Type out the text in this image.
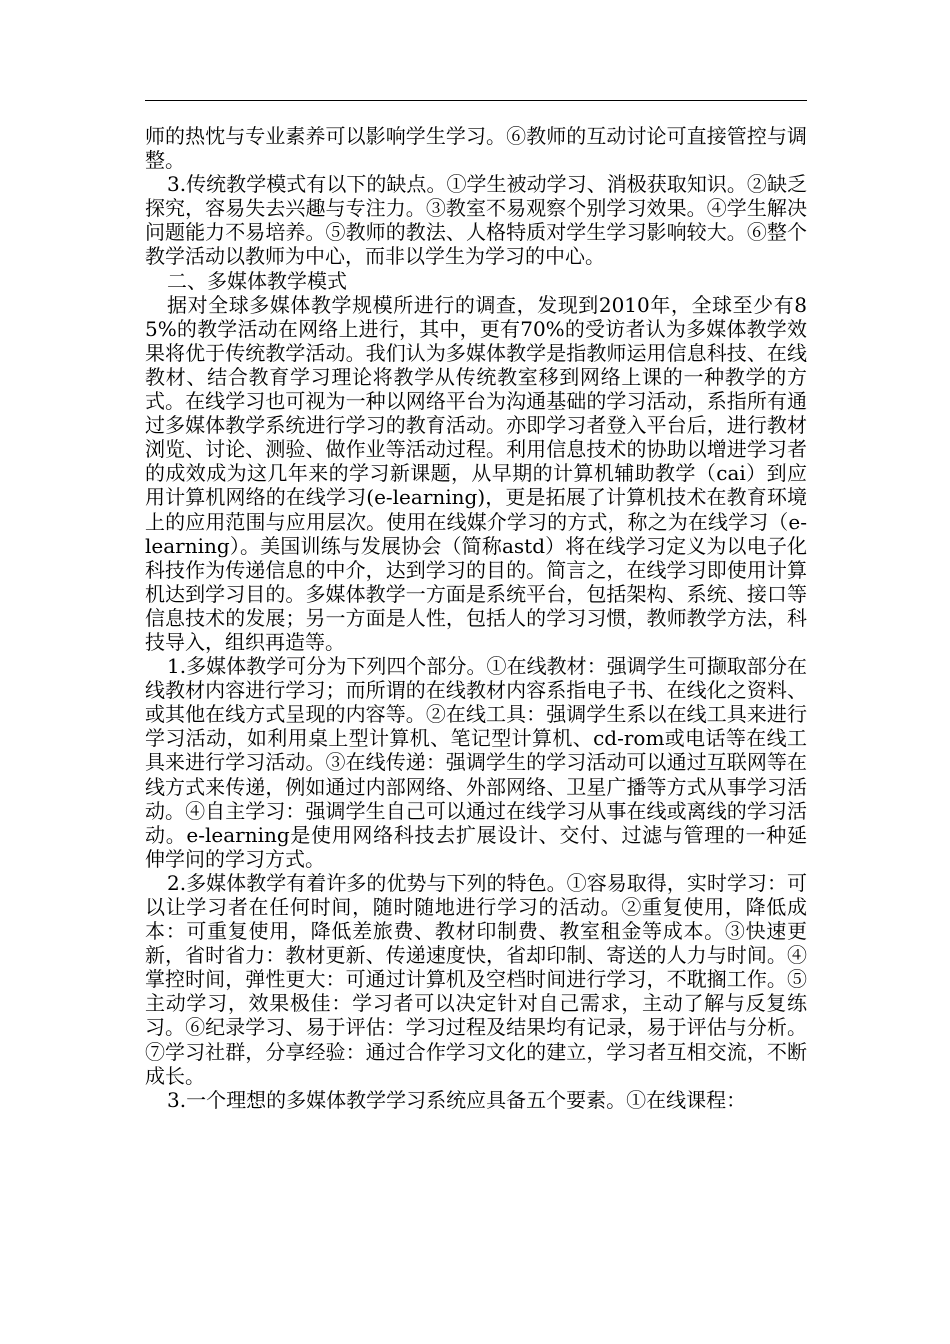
师的热忱与专业素养可以影响学生学习。⑥教师的互动讨论可直接管控与调整。

3.传统教学模式有以下的缺点。①学生被动学习、消极获取知识。②缺乏探究，容易失去兴趣与专注力。③教室不易观察个别学习效果。④学生解决问题能力不易培养。⑤教师的教法、人格特质对学生学习影响较大。⑥整个教学活动以教师为中心，而非以学生为学习的中心。

二、多媒体教学模式

据对全球多媒体教学规模所进行的调查，发现到2010年，全球至少有85%的教学活动在网络上进行，其中，更有70%的受访者认为多媒体教学效果将优于传统教学活动。我们认为多媒体教学是指教师运用信息科技、在线教材、结合教育学习理论将教学从传统教室移到网络上课的一种教学的方式。在线学习也可视为一种以网络平台为沟通基础的学习活动，系指所有通过多媒体教学系统进行学习的教育活动。亦即学习者登入平台后，进行教材浏览、讨论、测验、做作业等活动过程。利用信息技术的协助以增进学习者的成效成为这几年来的学习新课题，从早期的计算机辅助教学（cai）到应用计算机网络的在线学习(e-learning)，更是拓展了计算机技术在教育环境上的应用范围与应用层次。使用在线媒介学习的方式，称之为在线学习（e-learning）。美国训练与发展协会（简称astd）将在线学习定义为以电子化科技作为传递信息的中介，达到学习的目的。简言之，在线学习即使用计算机达到学习目的。多媒体教学一方面是系统平台，包括架构、系统、接口等信息技术的发展；另一方面是人性，包括人的学习习惯，教师教学方法，科技导入，组织再造等。

1.多媒体教学可分为下列四个部分。①在线教材：强调学生可撷取部分在线教材内容进行学习；而所谓的在线教材内容系指电子书、在线化之资料、或其他在线方式呈现的内容等。②在线工具：强调学生系以在线工具来进行学习活动，如利用桌上型计算机、笔记型计算机、cd-rom或电话等在线工具来进行学习活动。③在线传递：强调学生的学习活动可以通过互联网等在线方式来传递，例如通过内部网络、外部网络、卫星广播等方式从事学习活动。④自主学习：强调学生自己可以通过在线学习从事在线或离线的学习活动。e-learning是使用网络科技去扩展设计、交付、过滤与管理的一种延伸学问的学习方式。

2.多媒体教学有着许多的优势与下列的特色。①容易取得，实时学习：可以让学习者在任何时间，随时随地进行学习的活动。②重复使用，降低成本：可重复使用，降低差旅费、教材印制费、教室租金等成本。③快速更新，省时省力：教材更新、传递速度快，省却印制、寄送的人力与时间。④掌控时间，弹性更大：可通过计算机及空档时间进行学习，不耽搁工作。⑤主动学习，效果极佳：学习者可以决定针对自己需求，主动了解与反复练习。⑥纪录学习、易于评估：学习过程及结果均有记录，易于评估与分析。⑦学习社群，分享经验：通过合作学习文化的建立，学习者互相交流，不断成长。

3.一个理想的多媒体教学学习系统应具备五个要素。①在线课程：
